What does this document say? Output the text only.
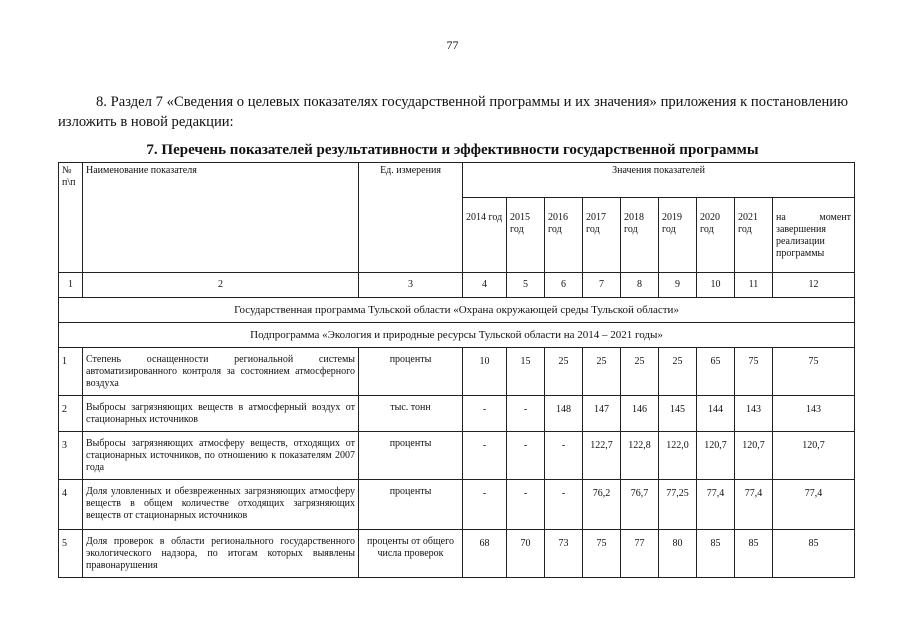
77

8. Раздел 7 «Сведения о целевых показателях государственной программы и их значения» приложения к постановлению изложить в новой редакции:

7. Перечень показателей результативности и эффективности государственной программы
№ п\п	Наименование показателя	Ед. измерения	Значения показателей								
			2014 год	2015 год	2016 год	2017 год	2018 год	2019 год	2020 год	2021 год	на момент завершения реализации программы
1	2	3	4	5	6	7	8	9	10	11	12
Государственная программа Тульской области «Охрана окружающей среды Тульской области»											
Подпрограмма «Экология и природные ресурсы Тульской области на 2014 – 2021 годы»											
1	Степень оснащенности региональной системы автоматизированного контроля за состоянием атмосферного воздуха	проценты	10	15	25	25	25	25	65	75	75
2	Выбросы загрязняющих веществ в атмосферный воздух от стационарных источников	тыс. тонн	-	-	148	147	146	145	144	143	143
3	Выбросы загрязняющих атмосферу веществ, отходящих от стационарных источников, по отношению к показателям 2007 года	проценты	-	-	-	122,7	122,8	122,0	120,7	120,7	120,7
4	Доля уловленных и обезвреженных загрязняющих атмосферу веществ в общем количестве отходящих загрязняющих веществ от стационарных источников	проценты	-	-	-	76,2	76,7	77,25	77,4	77,4	77,4
5	Доля проверок в области регионального государственного экологического надзора, по итогам которых выявлены правонарушения	проценты от общего числа проверок	68	70	73	75	77	80	85	85	85
